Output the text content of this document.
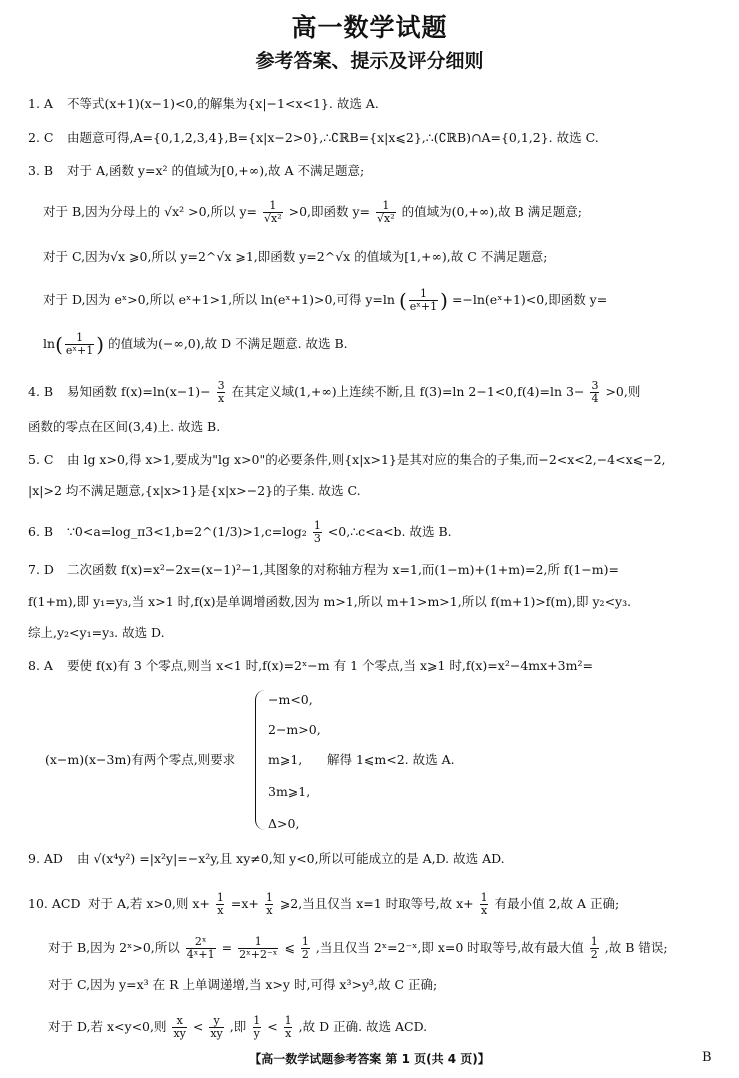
高一数学试题
参考答案、提示及评分细则
1. A 不等式(x+1)(x−1)<0,的解集为{x|−1<x<1}. 故选 A.
2. C 由题意可得,A={0,1,2,3,4},B={x|x−2>0},∴∁ℝB={x|x⩽2},∴(∁ℝB)∩A={0,1,2}. 故选 C.
3. B 对于 A,函数 y=x² 的值域为[0,+∞),故 A 不满足题意;
对于 B,因为分母上的 √x² >0,所以 $y= \frac{1}{\text{√x²}} >0$,即函数 $y= \frac{1}{\text{√x²}}$ 的值域为(0,+∞),故 B 满足题意;
对于 C,因为√x ⩾0,所以 y=2^√x ⩾1,即函数 y=2^√x 的值域为[1,+∞),故 C 不满足题意;
对于 D,因为 eˣ>0,所以 eˣ+1>1,所以 ln(eˣ+1)>0,可得 y=ln ( $\frac{1}{\text{eˣ+1}}$ ) =−ln(eˣ+1)<0,即函数 y=
$\ln( \frac{1}{\text{eˣ+1}}$ ) 的值域为(−∞,0),故 D 不满足题意. 故选 B.
4. B 易知函数 $f(x)=\ln(x-1)- \frac{3}{x}$ 在其定义域(1,+∞)上连续不断,且 f(3)=ln 2−1<0,f(4)=ln $3- \frac{3}{4} >0$,则
函数的零点在区间(3,4)上. 故选 B.
5. C 由 lg x>0,得 x>1,要成为"lg x>0"的必要条件,则{x|x>1}是其对应的集合的子集,而−2<x<2,−4<x⩽−2,
|x|>2 均不满足题意,{x|x>1}是{x|x>−2}的子集. 故选 C.
6. B ∵0<a=log_π3<1,b=2^(1/3)>1,c=log₂ $\frac{1}{3}$ <0,∴c<a<b. 故选 B.
7. D 二次函数 f(x)=x²−2x=(x−1)²−1,其图象的对称轴方程为 x=1,而(1−m)+(1+m)=2,所 f(1−m)=
f(1+m),即 y₁=y₃,当 x>1 时,f(x)是单调增函数,因为 m>1,所以 m+1>m>1,所以 f(m+1)>f(m),即 y₂<y₃.
综上,y₂<y₁=y₃. 故选 D.
8. A 要使 f(x)有 3 个零点,则当 x<1 时,f(x)=2ˣ−m 有 1 个零点,当 x⩾1 时,f(x)=x²−4mx+3m²=
(x−m)(x−3m)有两个零点,则要求
−m<0,
2−m>0,
m⩾1,
3m⩾1,
Δ>0,
解得 1⩽m<2. 故选 A.
9. AD 由 √(x⁴y²) =|x²y|=−x²y,且 xy≠0,知 y<0,所以可能成立的是 A,D. 故选 AD.
10. ACD 对于 A,若 x>0,则 $x+ \frac{1}{x} =x+ \frac{1}{x}$ ⩾2,当且仅当 x=1 时取等号,故 $x+ \frac{1}{x}$ 有最小值 2,故 A 正确;
对于 B,因为 2ˣ>0,所以 $\frac{\text{2ˣ}}{\text{4ˣ+1}} = \frac{1}{\text{2ˣ+2⁻ˣ}}$ ⩽ $\frac{1}{2}$ ,当且仅当 2ˣ=2⁻ˣ,即 x=0 时取等号,故有最大值 $\frac{1}{2}$ ,故 B 错误;
对于 C,因为 y=x³ 在 R 上单调递增,当 x>y 时,可得 x³>y³,故 C 正确;
对于 D,若 x<y<0,则 $\frac{x}{xy} < \frac{y}{xy}$ ,即 $\frac{1}{y} < \frac{1}{x}$ ,故 D 正确. 故选 ACD.
【高一数学试题参考答案 第 1 页(共 4 页)】	B
